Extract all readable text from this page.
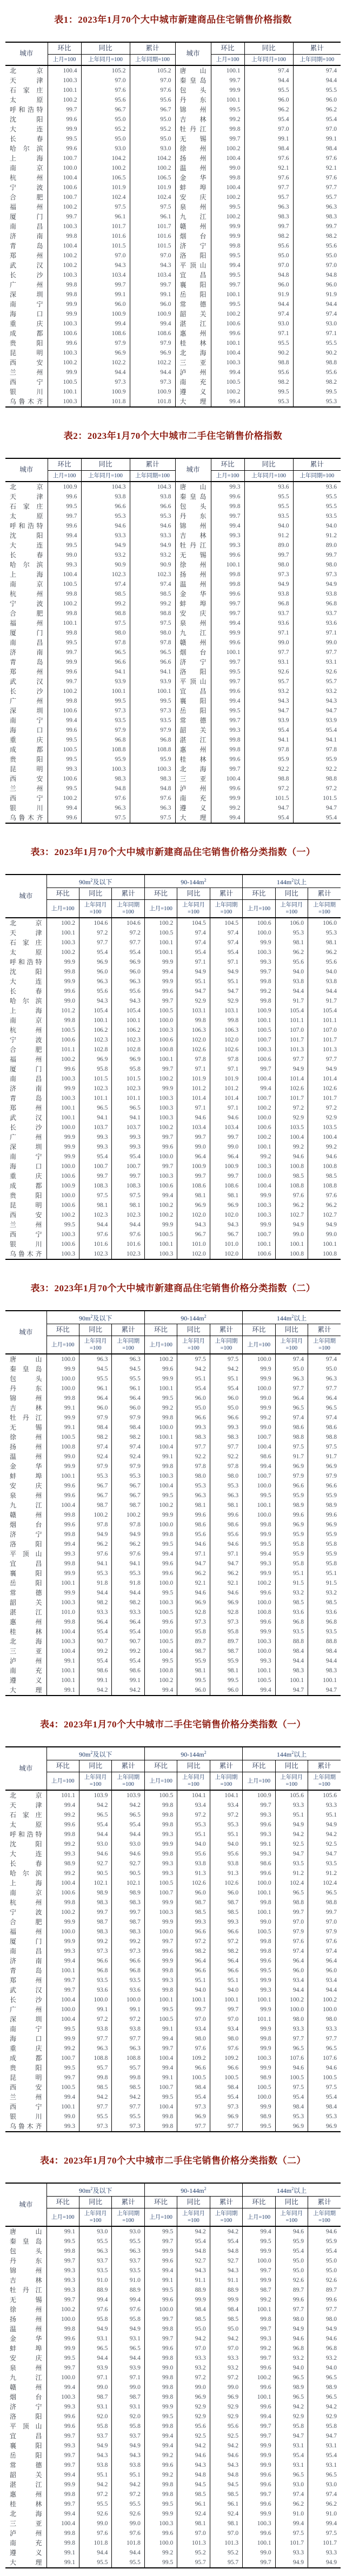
表1：2023年1月70个大中城市新建商品住宅销售价格指数
城市	环比	同比	累计	城市	环比	同比	累计
	上月=100	上年同月=100	上年同期=100		上月=100	上年同月=100	上年同期=100

北京	100.4	105.2	105.2	唐山	100.1	97.4	97.4

天津	100.3	97.0	97.0	秦皇岛	99.7	94.4	94.4

石家庄	100.1	97.6	97.6	包头	99.9	95.5	95.5

太原	100.2	95.6	95.6	丹东	100.1	96.0	96.0

呼和浩特	99.7	96.7	96.7	锦州	99.5	96.2	96.2

沈阳	99.6	95.0	95.0	吉林	99.2	95.4	95.4

大连	99.9	95.2	95.2	牡丹江	99.8	97.0	97.0

长春	99.5	95.0	95.0	无锡	99.7	99.1	99.1

哈尔滨	99.6	93.0	93.0	徐州	100.2	98.4	98.4

上海	100.7	104.2	104.2	扬州	100.4	97.6	97.6

南京	100.0	100.2	100.2	温州	99.0	92.1	92.1

杭州	100.4	106.5	106.5	金华	99.8	97.6	97.6

宁波	100.6	101.9	101.9	蚌埠	100.4	97.7	97.7

合肥	100.7	102.4	102.4	安庆	100.2	95.7	95.7

福州	100.2	97.5	97.5	泉州	99.5	96.3	96.3

厦门	99.7	96.1	96.1	九江	100.2	98.3	98.3

南昌	100.3	101.7	101.7	赣州	99.9	99.7	99.7

济南	99.8	101.6	101.6	烟台	99.9	98.2	98.2

青岛	100.4	101.5	101.5	济宁	99.8	95.6	95.6

郑州	100.2	97.0	97.0	洛阳	99.5	95.0	95.0

武汉	100.2	94.3	94.3	平顶山	99.4	97.0	97.0

长沙	100.3	103.4	103.4	宜昌	99.5	94.8	94.8

广州	99.8	99.7	99.7	襄阳	99.7	96.0	96.0

深圳	99.8	99.1	99.1	岳阳	100.1	91.9	91.9

南宁	99.9	96.0	96.0	常德	99.5	94.4	94.4

海口	99.9	100.9	100.9	韶关	100.2	97.4	97.4

重庆	100.3	99.4	99.4	湛江	100.6	93.0	93.0

成都	100.6	108.6	108.6	惠州	99.6	97.1	97.1

贵阳	99.6	97.9	97.9	桂林	100.1	95.5	95.5

昆明	100.3	96.9	96.9	北海	100.4	90.2	90.2

西安	100.2	102.2	102.2	三亚	100.3	98.8	98.8

兰州	99.9	94.4	94.4	泸州	99.4	95.6	95.6

西宁	100.5	97.3	97.3	南充	100.5	98.2	98.2

银川	100.1	100.9	100.9	遵义	100.2	99.5	99.5

乌鲁木齐	100.3	101.8	101.8	大理	99.4	95.3	95.3
表2：2023年1月70个大中城市二手住宅销售价格指数
城市	环比	同比	累计	城市	环比	同比	累计
	上月=100	上年同月=100	上年同期=100		上月=100	上年同月=100	上年同期=100

北京	100.9	104.3	104.3	唐山	99.3	93.6	93.6

天津	99.6	93.8	93.8	秦皇岛	99.6	95.5	95.5

石家庄	99.5	96.6	96.6	包头	99.8	95.5	95.5

太原	99.7	95.3	95.3	丹东	99.7	93.5	93.5

呼和浩特	99.6	94.6	94.6	锦州	99.4	94.0	94.0

沈阳	99.4	93.3	93.3	吉林	99.3	91.2	91.2

大连	99.5	94.9	94.9	牡丹江	99.3	89.0	89.0

长春	99.0	93.2	93.2	无锡	99.6	99.7	99.7

哈尔滨	99.3	90.9	90.9	徐州	100.1	98.0	98.0

上海	100.4	102.3	102.3	扬州	99.8	97.3	97.3

南京	100.5	97.4	97.4	温州	99.8	94.9	94.9

杭州	99.8	98.5	98.5	金华	99.6	93.8	93.8

宁波	100.2	99.2	99.2	蚌埠	99.7	96.8	96.8

合肥	99.8	98.8	98.8	安庆	99.7	93.7	93.7

福州	100.1	97.5	97.5	泉州	99.4	93.6	93.6

厦门	99.8	98.0	98.0	九江	99.9	97.1	97.1

南昌	99.5	97.8	97.8	赣州	99.6	99.0	99.0

济南	99.7	96.5	96.5	烟台	100.1	97.7	97.7

青岛	99.9	96.6	96.6	济宁	99.7	93.1	93.1

郑州	99.6	94.1	94.1	洛阳	99.5	92.6	92.6

武汉	99.7	93.9	93.9	平顶山	99.7	95.7	95.7

长沙	100.2	100.1	100.1	宜昌	99.6	93.2	93.2

广州	99.8	99.5	99.5	襄阳	99.4	94.3	94.3

深圳	100.6	97.3	97.3	岳阳	99.5	94.7	94.7

南宁	99.4	93.5	93.5	常德	99.7	93.9	93.9

海口	99.6	97.9	97.9	韶关	99.3	95.4	95.4

重庆	99.5	96.8	96.8	湛江	99.8	94.1	94.1

成都	100.5	108.8	108.8	惠州	99.8	97.8	97.8

贵阳	99.5	95.9	95.9	桂林	99.6	95.9	95.9

昆明	99.3	100.3	100.3	北海	99.7	92.2	92.2

西安	100.6	98.3	98.3	三亚	100.4	98.8	98.8

兰州	99.5	94.8	94.8	泸州	99.6	97.2	97.2

西宁	100.2	97.6	97.6	南充	99.9	101.5	101.5

银川	99.4	96.3	96.3	遵义	99.2	94.7	94.7

乌鲁木齐	99.6	97.5	97.5	大理	99.4	95.4	95.4
表3：2023年1月70个大中城市新建商品住宅销售价格分类指数（一）
城市	$90m^2$及以下			$90-144m^2$			$144m^2$以上		
	环比	同比	累计	环比	同比	累计	环比	同比	累计
	上月=100	上年同月=100	上年同期=100	上月=100	上年同月=100	上年同期=100	上月=100	上年同月=100	上年同期=100

北京	100.2	104.6	104.6	100.2	104.5	104.5	100.6	106.0	106.0

天津	100.1	97.2	97.2	100.5	97.4	97.4	100.0	95.3	95.3

石家庄	100.3	97.7	97.7	100.1	97.4	97.4	99.9	98.1	98.1

太原	100.2	95.4	95.4	100.1	95.4	95.4	100.3	96.2	96.2

呼和浩特	99.9	96.9	96.9	99.9	97.1	97.1	99.3	95.6	95.6

沈阳	99.8	96.0	96.0	99.4	94.9	94.9	99.7	94.0	94.0

大连	99.9	96.3	96.3	99.9	95.1	95.1	99.8	93.8	93.8

长春	99.6	95.6	95.6	99.6	94.7	94.7	99.2	94.4	94.4

哈尔滨	99.0	94.3	94.3	99.7	92.9	92.9	99.8	91.7	91.7

上海	101.2	105.4	105.4	100.5	103.1	103.1	100.9	105.4	105.4

南京	99.8	100.1	100.1	100.0	99.8	99.8	100.1	101.1	101.1

杭州	100.5	106.2	106.2	100.3	106.3	106.3	100.5	107.0	107.0

宁波	100.6	102.3	102.3	100.6	102.0	102.0	100.7	101.7	101.7

合肥	101.1	102.8	102.8	100.8	102.6	102.6	100.3	101.3	101.3

福州	100.2	96.9	96.9	100.1	97.8	97.8	100.6	97.7	97.7

厦门	99.6	95.8	95.8	99.7	97.1	97.1	99.7	94.9	94.9

南昌	100.3	101.5	101.5	100.2	101.9	101.9	100.4	101.4	101.4

济南	99.9	102.3	102.3	99.9	101.2	101.2	99.4	102.6	102.6

青岛	100.3	101.1	101.1	100.3	101.4	101.4	100.7	101.7	101.7

郑州	100.1	96.5	96.5	100.3	97.1	97.1	100.2	97.2	97.2

武汉	100.1	94.1	94.1	100.3	94.6	94.6	100.0	92.9	92.9

长沙	100.0	103.7	103.7	100.2	103.4	103.4	100.6	103.5	103.5

广州	99.9	99.3	99.3	99.7	99.7	99.7	100.2	100.4	100.4

深圳	99.9	99.3	99.3	99.6	99.0	99.0	100.1	99.2	99.2

南宁	99.9	95.4	95.4	100.0	96.4	96.4	99.2	94.6	94.6

海口	100.0	100.7	100.7	99.7	100.9	100.9	100.3	100.8	100.8

重庆	100.6	99.7	99.7	100.3	99.7	99.7	100.0	98.5	98.5

成都	100.9	108.3	108.3	100.6	108.6	108.6	100.4	108.8	108.8

贵阳	100.0	97.5	97.5	99.4	98.1	98.1	99.9	97.6	97.6

昆明	100.6	98.1	98.1	100.2	96.9	96.9	100.3	96.2	96.2

西安	100.2	102.3	102.3	100.2	102.0	102.0	100.3	102.7	102.7

兰州	99.5	94.4	94.4	99.9	94.3	94.3	99.9	94.9	94.9

西宁	100.3	97.6	97.6	100.5	96.7	96.7	100.7	99.0	99.0

银川	100.6	101.6	101.6	100.1	101.0	101.0	100.1	100.1	100.1

乌鲁木齐	100.3	102.3	102.3	100.3	102.0	102.0	100.6	100.8	100.8
表3：2023年1月70个大中城市新建商品住宅销售价格分类指数（二）
城市	$90m^2$及以下			$90-144m^2$			$144m^2$以上		
	环比	同比	累计	环比	同比	累计	环比	同比	累计
	上月=100	上年同月=100	上年同期=100	上月=100	上年同月=100	上年同期=100	上月=100	上年同月=100	上年同期=100

唐山	100.0	96.3	96.3	100.2	97.5	97.5	100.0	97.4	97.4

秦皇岛	99.9	94.5	94.5	99.6	94.2	94.2	99.9	95.0	95.0

包头	100.0	95.5	95.5	99.9	95.1	95.1	99.9	96.3	96.3

丹东	100.0	96.1	96.1	100.1	95.4	95.4	100.0	97.7	97.7

锦州	99.8	96.4	96.4	99.5	96.0	96.0	99.0	96.4	96.4

吉林	99.1	96.0	96.0	99.2	95.0	95.0	99.9	96.5	96.5

牡丹江	99.9	97.9	97.9	99.8	96.6	96.6	99.2	97.4	97.4

无锡	99.1	98.4	98.4	100.0	99.3	99.3	99.0	98.6	98.6

徐州	100.5	98.2	98.2	100.1	98.3	98.3	100.7	98.8	98.8

扬州	100.8	97.4	97.4	100.4	97.7	97.7	100.4	97.5	97.5

温州	99.0	92.4	92.4	99.1	92.2	92.2	98.6	91.7	91.7

金华	99.9	97.9	97.9	99.8	97.8	97.8	99.4	96.9	96.9

蚌埠	100.1	95.3	95.3	100.3	98.0	98.0	100.7	97.9	97.9

安庆	99.6	96.7	96.7	100.4	95.3	95.3	100.0	96.6	96.6

泉州	99.6	96.7	96.7	99.5	96.3	96.3	99.5	95.9	95.9

九江	100.4	98.7	98.7	100.2	98.1	98.1	100.1	98.9	98.9

赣州	99.8	100.2	100.2	99.9	99.6	99.6	100.0	99.6	99.6

烟台	99.6	97.8	97.8	100.0	98.6	98.6	99.8	96.9	96.9

济宁	99.8	94.9	94.9	99.8	95.6	95.6	99.9	95.9	95.9

洛阳	99.4	96.2	96.2	99.5	94.6	94.6	99.5	95.8	95.8

平顶山	99.3	97.6	97.6	99.4	97.1	97.1	99.4	95.9	95.9

宜昌	99.8	94.1	94.1	99.6	94.7	94.7	99.3	95.8	95.8

襄阳	99.9	95.3	95.3	99.6	96.2	96.2	99.9	95.1	95.1

岳阳	100.1	91.8	91.8	100.0	92.1	92.1	100.2	91.5	91.5

常德	99.9	94.4	94.4	99.5	94.6	94.6	99.6	93.2	93.2

韶关	100.3	98.2	98.2	100.3	96.9	96.9	100.0	98.5	98.5

湛江	101.0	93.3	93.3	100.5	92.8	92.8	100.8	93.6	93.6

惠州	99.8	96.4	96.4	99.6	97.3	97.3	99.6	96.8	96.8

桂林	100.4	95.4	95.4	100.0	95.8	95.8	99.9	93.5	93.5

北海	100.3	90.7	90.7	100.5	89.7	89.7	100.3	88.8	88.8

三亚	100.4	99.2	99.2	100.4	98.7	98.7	100.0	98.4	98.4

泸州	99.1	95.4	95.4	99.5	95.9	95.9	99.3	94.4	94.4

南充	100.1	98.6	98.6	100.8	98.1	98.1	100.1	98.3	98.3

遵义	100.1	99.1	99.1	100.2	99.5	99.5	100.5	100.1	100.1

大理	99.1	94.2	94.2	99.4	96.0	96.0	99.4	94.7	94.7
表4：2023年1月70个大中城市二手住宅销售价格分类指数（一）
城市	$90m^2$及以下			$90-144m^2$			$144m^2$以上		
	环比	同比	累计	环比	同比	累计	环比	同比	累计
	上月=100	上年同月=100	上年同期=100	上月=100	上年同月=100	上年同期=100	上月=100	上年同月=100	上年同期=100

北京	101.1	103.9	103.9	100.5	104.1	104.1	100.9	105.6	105.6

天津	99.4	94.2	94.2	99.8	93.4	93.4	99.7	93.3	93.3

石家庄	99.2	96.5	96.5	99.8	97.2	97.2	99.3	95.1	95.1

太原	99.6	95.4	95.4	99.8	95.3	95.3	99.6	94.9	94.9

呼和浩特	99.8	94.4	94.4	99.3	95.1	95.1	99.3	94.2	94.2

沈阳	99.2	93.0	93.0	99.9	94.0	94.0	99.1	92.5	92.5

大连	99.3	94.6	94.6	99.8	95.6	95.6	99.3	94.7	94.7

长春	98.9	92.7	92.7	99.3	93.8	93.8	98.6	93.5	93.5

哈尔滨	99.2	90.5	90.5	99.3	91.3	91.3	99.6	91.2	91.2

上海	100.4	102.1	102.1	100.5	102.6	102.6	100.0	102.4	102.4

南京	100.6	98.9	98.9	100.7	96.0	96.0	100.1	96.5	96.5

杭州	99.8	98.3	98.3	99.9	98.7	98.7	99.8	98.8	98.8

宁波	100.2	99.7	99.7	100.3	98.5	98.5	100.1	99.7	99.7

合肥	99.9	98.7	98.7	99.9	99.3	99.3	99.0	97.0	97.0

福州	100.0	98.3	98.3	100.0	96.6	96.6	100.5	97.9	97.9

厦门	99.9	99.2	99.2	99.7	97.2	97.2	99.8	97.6	97.6

南昌	99.3	97.3	97.3	99.6	98.2	98.2	99.8	97.4	97.4

济南	99.4	96.6	96.6	99.9	96.4	96.4	99.6	96.4	96.4

青岛	100.1	96.8	96.8	99.8	96.6	96.6	99.5	96.0	96.0

郑州	99.7	93.5	93.5	99.3	95.1	95.1	99.9	93.4	93.4

武汉	99.7	93.6	93.6	99.8	94.0	94.0	99.3	94.4	94.4

长沙	100.4	100.0	100.0	100.1	100.1	100.1	100.1	100.2	100.2

广州	100.0	99.1	99.1	99.5	99.7	99.7	99.9	100.0	100.0

深圳	100.4	97.2	97.2	100.5	97.0	97.0	101.1	98.0	98.0

南宁	99.5	93.8	93.8	99.1	93.4	93.4	99.9	93.3	93.3

海口	99.9	97.7	97.7	99.4	98.0	98.0	99.8	97.7	97.7

重庆	99.2	96.3	96.3	99.7	97.6	97.6	99.9	96.5	96.5

成都	100.7	108.8	108.8	100.4	109.2	109.2	100.3	107.6	107.6

贵阳	99.5	95.7	95.7	99.4	96.6	96.6	99.9	94.6	94.6

昆明	99.7	99.8	99.8	99.1	100.5	100.5	98.9	100.5	100.5

西安	100.5	98.5	98.5	100.7	98.4	98.4	100.5	97.5	97.5

兰州	99.4	94.2	94.2	99.5	95.4	95.4	100.0	95.4	95.4

西宁	100.1	97.7	97.7	100.4	97.3	97.3	99.9	98.4	98.4

银川	99.0	95.5	95.5	99.8	96.9	96.9	98.9	95.3	95.3

乌鲁木齐	99.3	97.3	97.3	99.8	97.7	97.7	99.5	96.9	96.9
表4：2023年1月70个大中城市二手住宅销售价格分类指数（二）
城市	$90m^2$及以下			$90-144m^2$			$144m^2$以上		
	环比	同比	累计	环比	同比	累计	环比	同比	累计
	上月=100	上年同月=100	上年同期=100	上月=100	上年同月=100	上年同期=100	上月=100	上年同月=100	上年同期=100

唐山	99.1	93.0	93.0	99.5	94.2	94.2	99.4	94.6	94.6

秦皇岛	99.5	95.5	95.5	99.7	95.4	95.4	99.5	95.9	95.9

包头	99.8	96.3	96.3	99.9	94.8	94.8	99.9	95.4	95.4

丹东	99.7	93.7	93.7	99.6	92.7	92.7	100.0	95.0	95.0

锦州	99.3	93.5	93.5	99.4	94.3	94.3	99.7	95.0	95.0

吉林	99.3	91.0	91.0	99.1	91.1	91.1	99.9	92.6	92.6

牡丹江	99.3	88.9	88.9	99.5	88.9	88.9	98.7	89.7	89.7

无锡	99.7	99.4	99.4	99.6	99.9	99.9	99.2	99.6	99.6

徐州	100.2	97.6	97.6	100.0	98.4	98.4	100.1	97.7	97.7

扬州	100.0	95.8	95.8	99.7	98.5	98.5	99.8	98.0	98.0

温州	99.8	94.9	94.9	99.8	95.0	95.0	99.7	94.9	94.9

金华	99.6	93.1	93.1	99.7	94.2	94.2	99.3	94.6	94.6

蚌埠	99.9	96.5	96.5	99.6	97.0	97.0	99.2	96.8	96.8

安庆	99.5	94.4	94.4	99.8	93.3	93.3	99.7	93.2	93.2

泉州	99.7	93.9	93.9	99.0	93.2	93.2	99.6	94.0	94.0

九江	100.0	97.1	97.1	99.8	97.2	97.2	100.2	96.5	96.5

赣州	99.4	99.0	99.0	99.8	99.0	99.0	99.6	98.9	98.9

烟台	100.3	98.7	98.7	99.8	96.9	96.9	100.1	96.5	96.5

济宁	99.3	93.1	93.1	99.9	92.9	92.9	99.6	94.2	94.2

洛阳	99.6	92.0	92.0	99.5	92.9	92.9	99.4	92.9	92.9

平顶山	99.6	95.8	95.8	99.8	95.6	95.6	99.7	95.8	95.8

宜昌	99.7	93.7	93.7	99.4	92.5	92.5	99.7	94.7	94.7

襄阳	99.3	94.9	94.9	99.4	94.2	94.2	99.9	93.1	93.1

岳阳	99.7	94.3	94.3	99.2	94.6	94.6	99.9	95.4	95.4

常德	99.7	93.8	93.8	99.6	94.3	94.3	99.9	93.1	93.1

韶关	99.4	95.1	95.1	99.2	94.8	94.8	99.6	96.5	96.5

湛江	99.9	94.2	94.2	99.8	94.5	94.5	99.6	93.0	93.0

惠州	99.8	97.2	97.2	99.8	98.5	98.5	99.7	97.4	97.4

桂林	99.7	95.5	95.5	99.5	96.1	96.1	99.6	96.2	96.2

北海	99.4	92.6	92.6	99.9	92.4	92.4	99.9	91.0	91.0

三亚	100.4	99.0	99.0	100.3	98.1	98.1	100.3	99.4	99.4

泸州	99.8	97.6	97.6	99.6	97.0	97.0	99.6	97.5	97.5

南充	99.8	101.8	101.8	100.0	101.3	101.3	100.1	101.7	101.7

遵义	99.1	94.4	94.4	99.2	95.2	95.2	99.0	93.3	93.3

大理	99.1	95.5	95.5	99.5	95.7	95.7	99.7	94.9	94.9
